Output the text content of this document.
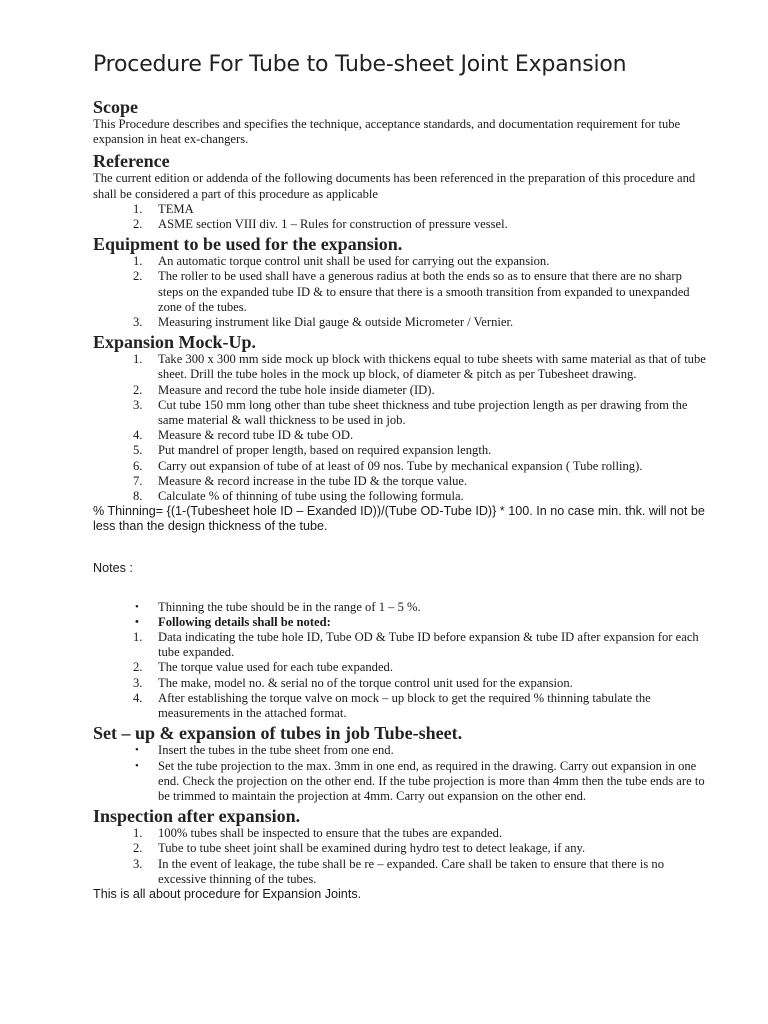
Procedure For Tube to Tube-sheet Joint Expansion
Scope

This Procedure describes and specifies the technique, acceptance standards, and documentation requirement for tube expansion in heat ex-changers.

Reference

The current edition or addenda of the following documents has been referenced in the preparation of this procedure and shall be considered a part of this procedure as applicable

1. TEMA
2. ASME section VIII div. 1 – Rules for construction of pressure vessel.
Equipment to be used for the expansion.
1. An automatic torque control unit shall be used for carrying out the expansion.
2. The roller to be used shall have a generous radius at both the ends so as to ensure that there are no sharp steps on the expanded tube ID & to ensure that there is a smooth transition from expanded to unexpanded zone of the tubes.
3. Measuring instrument like Dial gauge & outside Micrometer / Vernier.
Expansion Mock-Up.
1. Take 300 x 300 mm side mock up block with thickens equal to tube sheets with same material as that of tube sheet. Drill the tube holes in the mock up block, of diameter & pitch as per Tubesheet drawing.
2. Measure and record the tube hole inside diameter (ID).
3. Cut tube 150 mm long other than tube sheet thickness and tube projection length as per drawing from the same material & wall thickness to be used in job.
4. Measure & record tube ID & tube OD.
5. Put mandrel of proper length, based on required expansion length.
6. Carry out expansion of tube of at least of 09 nos. Tube by mechanical expansion ( Tube rolling).
7. Measure & record increase in the tube ID & the torque value.
8. Calculate % of thinning of tube using the following formula.

% Thinning= {(1-(Tubesheet hole ID – Exanded ID))/(Tube OD-Tube ID)} * 100. In no case min. thk. will not be less than the design thickness of the tube.

Notes :
• Thinning the tube should be in the range of 1 – 5 %.
• Following details shall be noted:
1. Data indicating the tube hole ID, Tube OD & Tube ID before expansion & tube ID after expansion for each tube expanded.
2. The torque value used for each tube expanded.
3. The make, model no. & serial no of the torque control unit used for the expansion.
4. After establishing the torque valve on mock – up block to get the required % thinning tabulate the measurements in the attached format.
Set – up & expansion of tubes in job Tube-sheet.
• Insert the tubes in the tube sheet from one end.
• Set the tube projection to the max. 3mm in one end, as required in the drawing. Carry out expansion in one end. Check the projection on the other end. If the tube projection is more than 4mm then the tube ends are to be trimmed to maintain the projection at 4mm. Carry out expansion on the other end.
Inspection after expansion.
1. 100% tubes shall be inspected to ensure that the tubes are expanded.
2. Tube to tube sheet joint shall be examined during hydro test to detect leakage, if any.
3. In the event of leakage, the tube shall be re – expanded. Care shall be taken to ensure that there is no excessive thinning of the tubes.

This is all about procedure for Expansion Joints.
